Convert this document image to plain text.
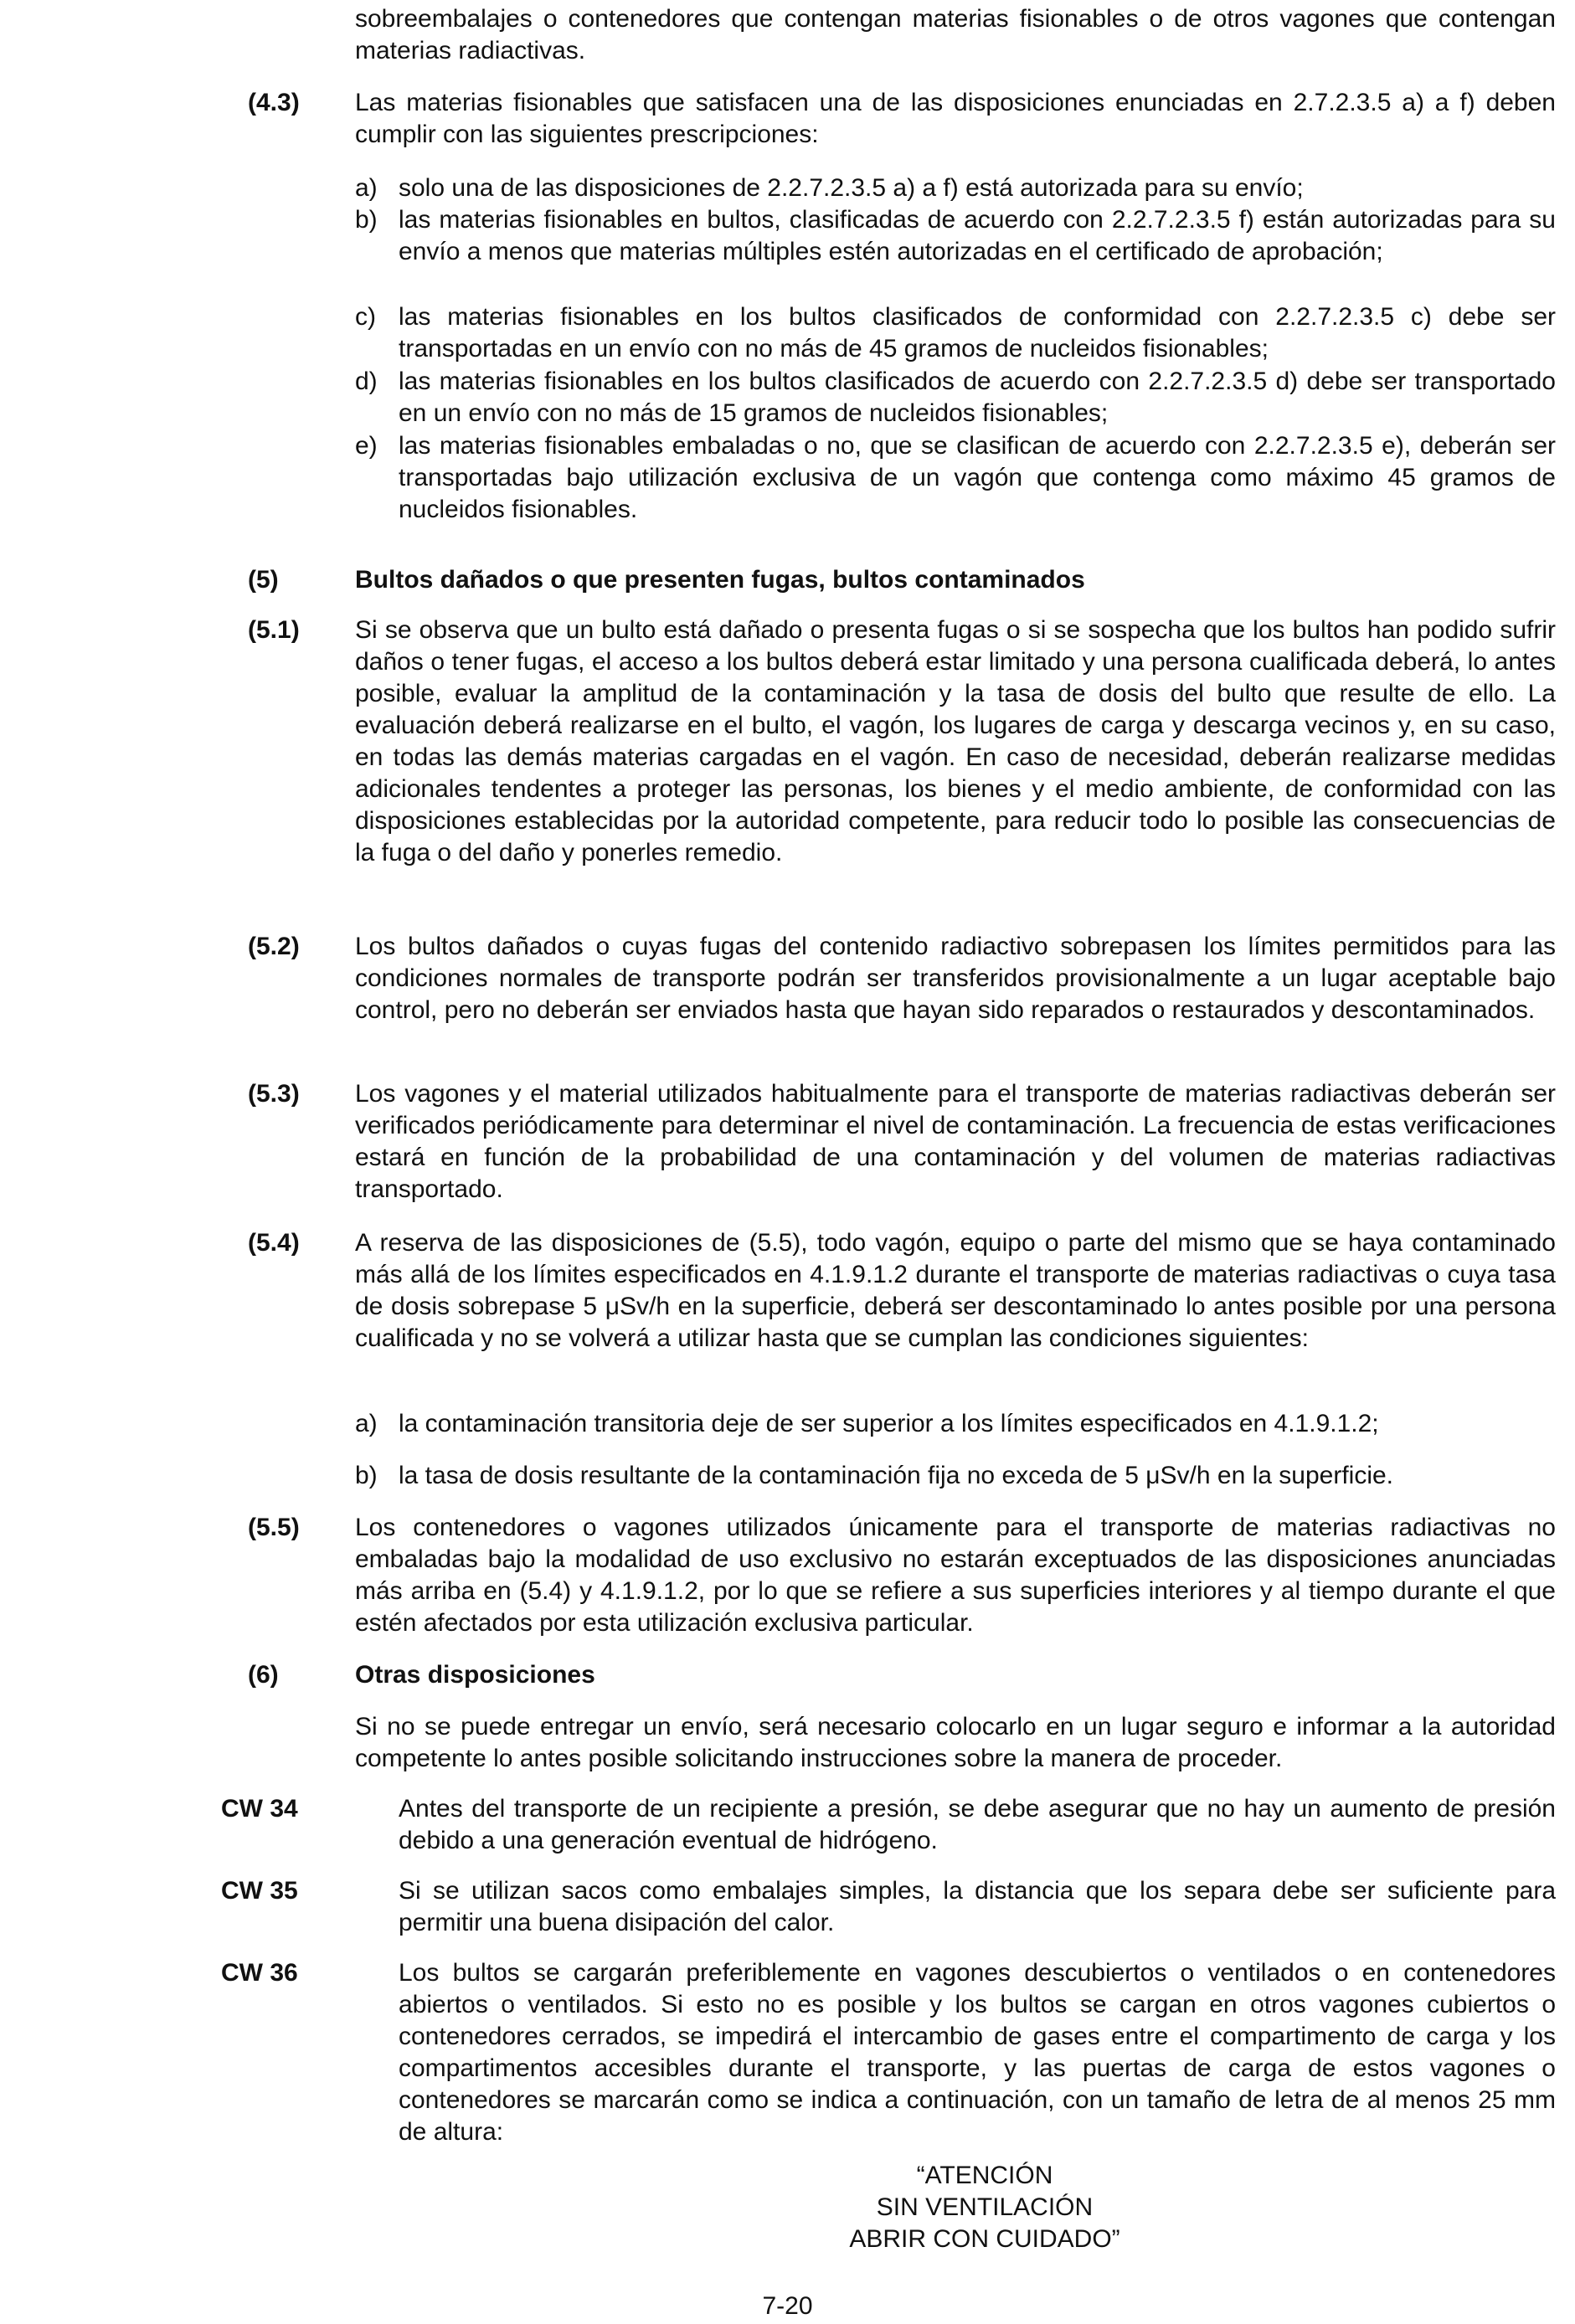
sobreembalajes o contenedores que contengan materias fisionables o de otros vagones que contengan materias radiactivas.
(4.3) Las materias fisionables que satisfacen una de las disposiciones enunciadas en 2.7.2.3.5 a) a f) deben cumplir con las siguientes prescripciones:
a) solo una de las disposiciones de 2.2.7.2.3.5 a) a f) está autorizada para su envío;
b) las materias fisionables en bultos, clasificadas de acuerdo con 2.2.7.2.3.5 f) están autorizadas para su envío a menos que materias múltiples estén autorizadas en el certificado de aprobación;
c) las materias fisionables en los bultos clasificados de conformidad con 2.2.7.2.3.5 c) debe ser transportadas en un envío con no más de 45 gramos de nucleidos fisionables;
d) las materias fisionables en los bultos clasificados de acuerdo con 2.2.7.2.3.5 d) debe ser transportado en un envío con no más de 15 gramos de nucleidos fisionables;
e) las materias fisionables embaladas o no, que se clasifican de acuerdo con 2.2.7.2.3.5 e), deberán ser transportadas bajo utilización exclusiva de un vagón que contenga como máximo 45 gramos de nucleidos fisionables.
(5)	Bultos dañados o que presenten fugas, bultos contaminados
(5.1) Si se observa que un bulto está dañado o presenta fugas o si se sospecha que los bultos han podido sufrir daños o tener fugas, el acceso a los bultos deberá estar limitado y una persona cualificada deberá, lo antes posible, evaluar la amplitud de la contaminación y la tasa de dosis del bulto que resulte de ello. La evaluación deberá realizarse en el bulto, el vagón, los lugares de carga y descarga vecinos y, en su caso, en todas las demás materias cargadas en el vagón. En caso de necesidad, deberán realizarse medidas adicionales tendentes a proteger las personas, los bienes y el medio ambiente, de conformidad con las disposiciones establecidas por la autoridad competente, para reducir todo lo posible las consecuencias de la fuga o del daño y ponerles remedio.
(5.2) Los bultos dañados o cuyas fugas del contenido radiactivo sobrepasen los límites permitidos para las condiciones normales de transporte podrán ser transferidos provisionalmente a un lugar aceptable bajo control, pero no deberán ser enviados hasta que hayan sido reparados o restaurados y descontaminados.
(5.3) Los vagones y el material utilizados habitualmente para el transporte de materias radiactivas deberán ser verificados periódicamente para determinar el nivel de contaminación. La frecuencia de estas verificaciones estará en función de la probabilidad de una contaminación y del volumen de materias radiactivas transportado.
(5.4) A reserva de las disposiciones de (5.5), todo vagón, equipo o parte del mismo que se haya contaminado más allá de los límites especificados en 4.1.9.1.2 durante el transporte de materias radiactivas o cuya tasa de dosis sobrepase 5 μSv/h en la superficie, deberá ser descontaminado lo antes posible por una persona cualificada y no se volverá a utilizar hasta que se cumplan las condiciones siguientes:
a) la contaminación transitoria deje de ser superior a los límites especificados en 4.1.9.1.2;
b) la tasa de dosis resultante de la contaminación fija no exceda de 5 μSv/h en la superficie.
(5.5) Los contenedores o vagones utilizados únicamente para el transporte de materias radiactivas no embaladas bajo la modalidad de uso exclusivo no estarán exceptuados de las disposiciones anunciadas más arriba en (5.4) y 4.1.9.1.2, por lo que se refiere a sus superficies interiores y al tiempo durante el que estén afectados por esta utilización exclusiva particular.
(6)	Otras disposiciones
Si no se puede entregar un envío, será necesario colocarlo en un lugar seguro e informar a la autoridad competente lo antes posible solicitando instrucciones sobre la manera de proceder.
CW 34	Antes del transporte de un recipiente a presión, se debe asegurar que no hay un aumento de presión debido a una generación eventual de hidrógeno.
CW 35	Si se utilizan sacos como embalajes simples, la distancia que los separa debe ser suficiente para permitir una buena disipación del calor.
CW 36	Los bultos se cargarán preferiblemente en vagones descubiertos o ventilados o en contenedores abiertos o ventilados. Si esto no es posible y los bultos se cargan en otros vagones cubiertos o contenedores cerrados, se impedirá el intercambio de gases entre el compartimento de carga y los compartimentos accesibles durante el transporte, y las puertas de carga de estos vagones o contenedores se marcarán como se indica a continuación, con un tamaño de letra de al menos 25 mm de altura:
“ATENCIÓN
SIN VENTILACIÓN
ABRIR CON CUIDADO”
7-20
